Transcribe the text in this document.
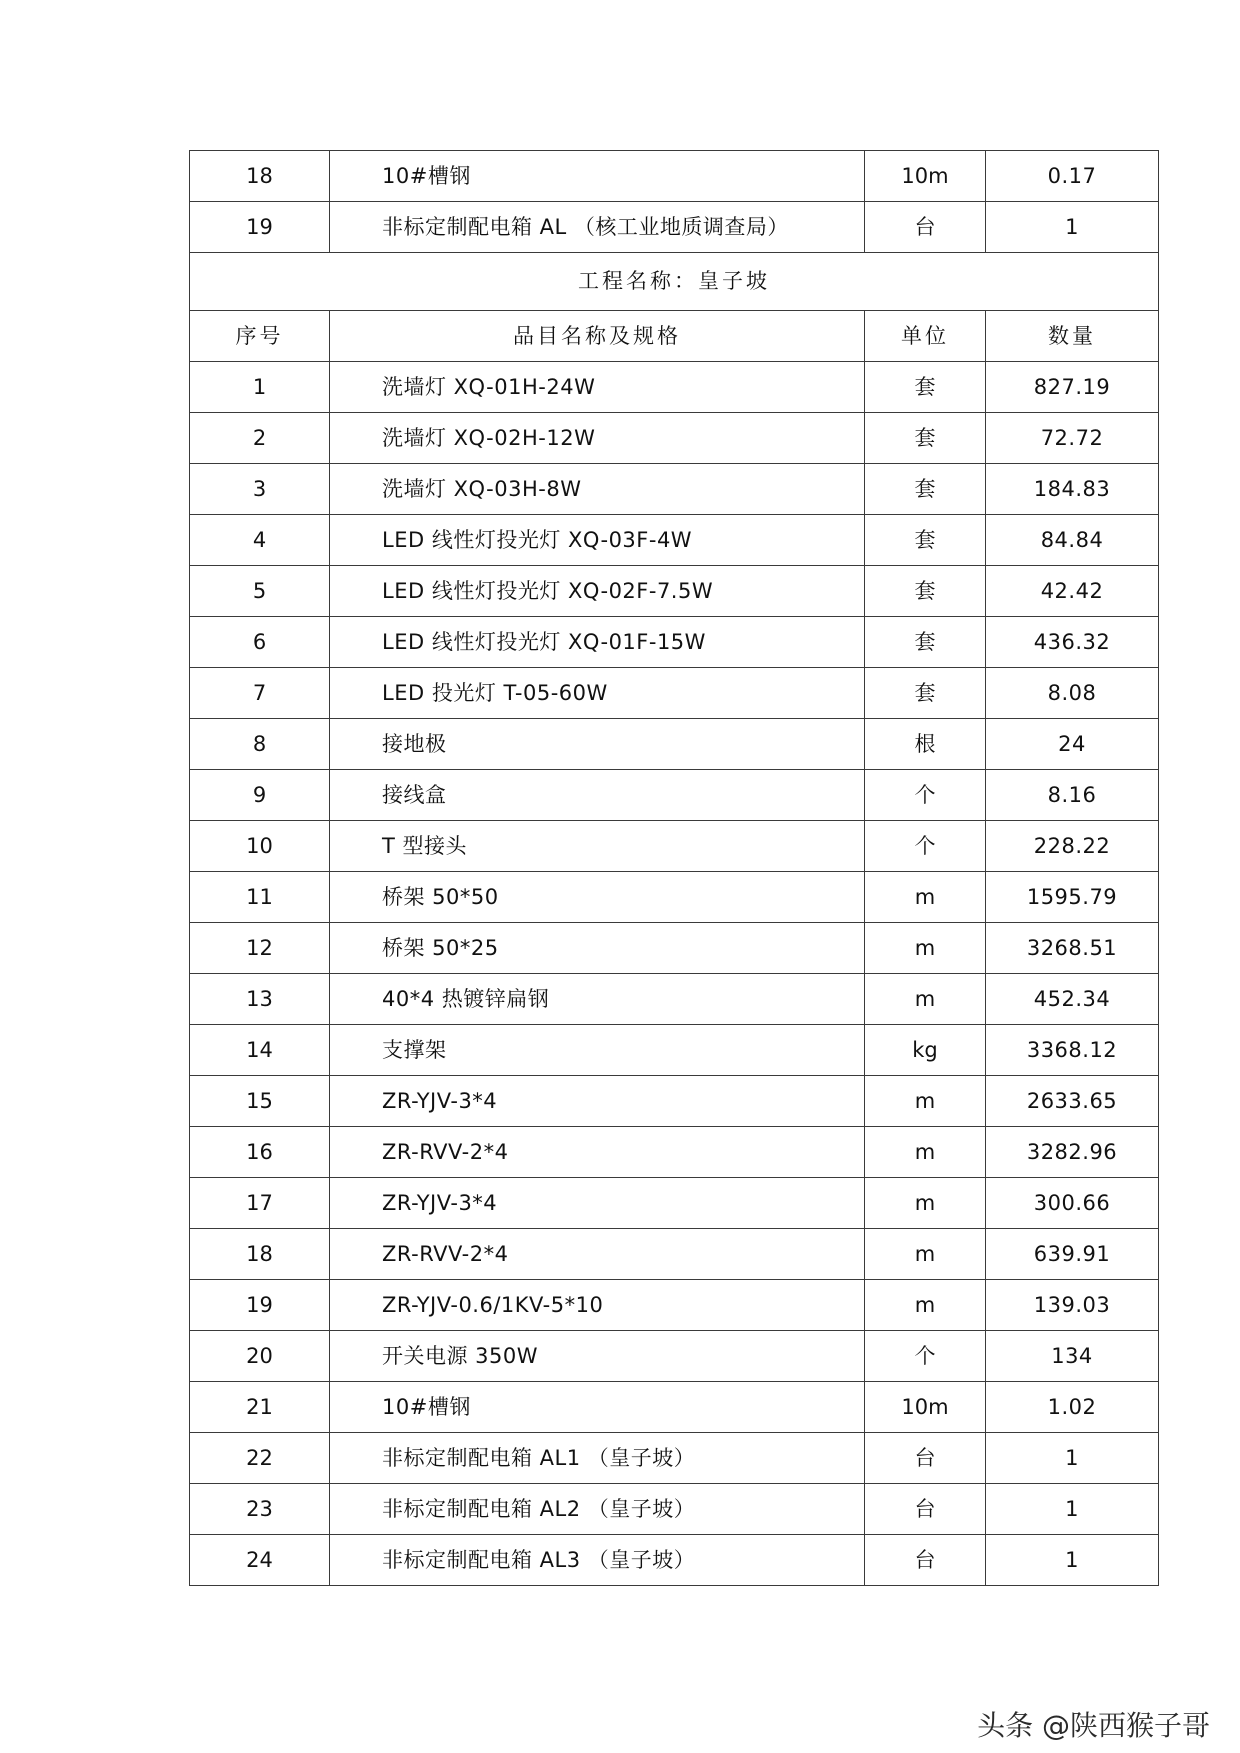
18	10#槽钢	10m	0.17
19	非标定制配电箱 AL （核工业地质调查局）	台	1
工程名称：皇子坡			
序号	品目名称及规格	单位	数量
1	洗墙灯 XQ-01H-24W	套	827.19
2	洗墙灯 XQ-02H-12W	套	72.72
3	洗墙灯 XQ-03H-8W	套	184.83
4	LED 线性灯投光灯 XQ-03F-4W	套	84.84
5	LED 线性灯投光灯 XQ-02F-7.5W	套	42.42
6	LED 线性灯投光灯 XQ-01F-15W	套	436.32
7	LED 投光灯 T-05-60W	套	8.08
8	接地极	根	24
9	接线盒	个	8.16
10	T 型接头	个	228.22
11	桥架 50*50	m	1595.79
12	桥架 50*25	m	3268.51
13	40*4 热镀锌扁钢	m	452.34
14	支撑架	kg	3368.12
15	ZR-YJV-3*4	m	2633.65
16	ZR-RVV-2*4	m	3282.96
17	ZR-YJV-3*4	m	300.66
18	ZR-RVV-2*4	m	639.91
19	ZR-YJV-0.6/1KV-5*10	m	139.03
20	开关电源 350W	个	134
21	10#槽钢	10m	1.02
22	非标定制配电箱 AL1 （皇子坡）	台	1
23	非标定制配电箱 AL2 （皇子坡）	台	1
24	非标定制配电箱 AL3 （皇子坡）	台	1
头条 @陕西猴子哥
